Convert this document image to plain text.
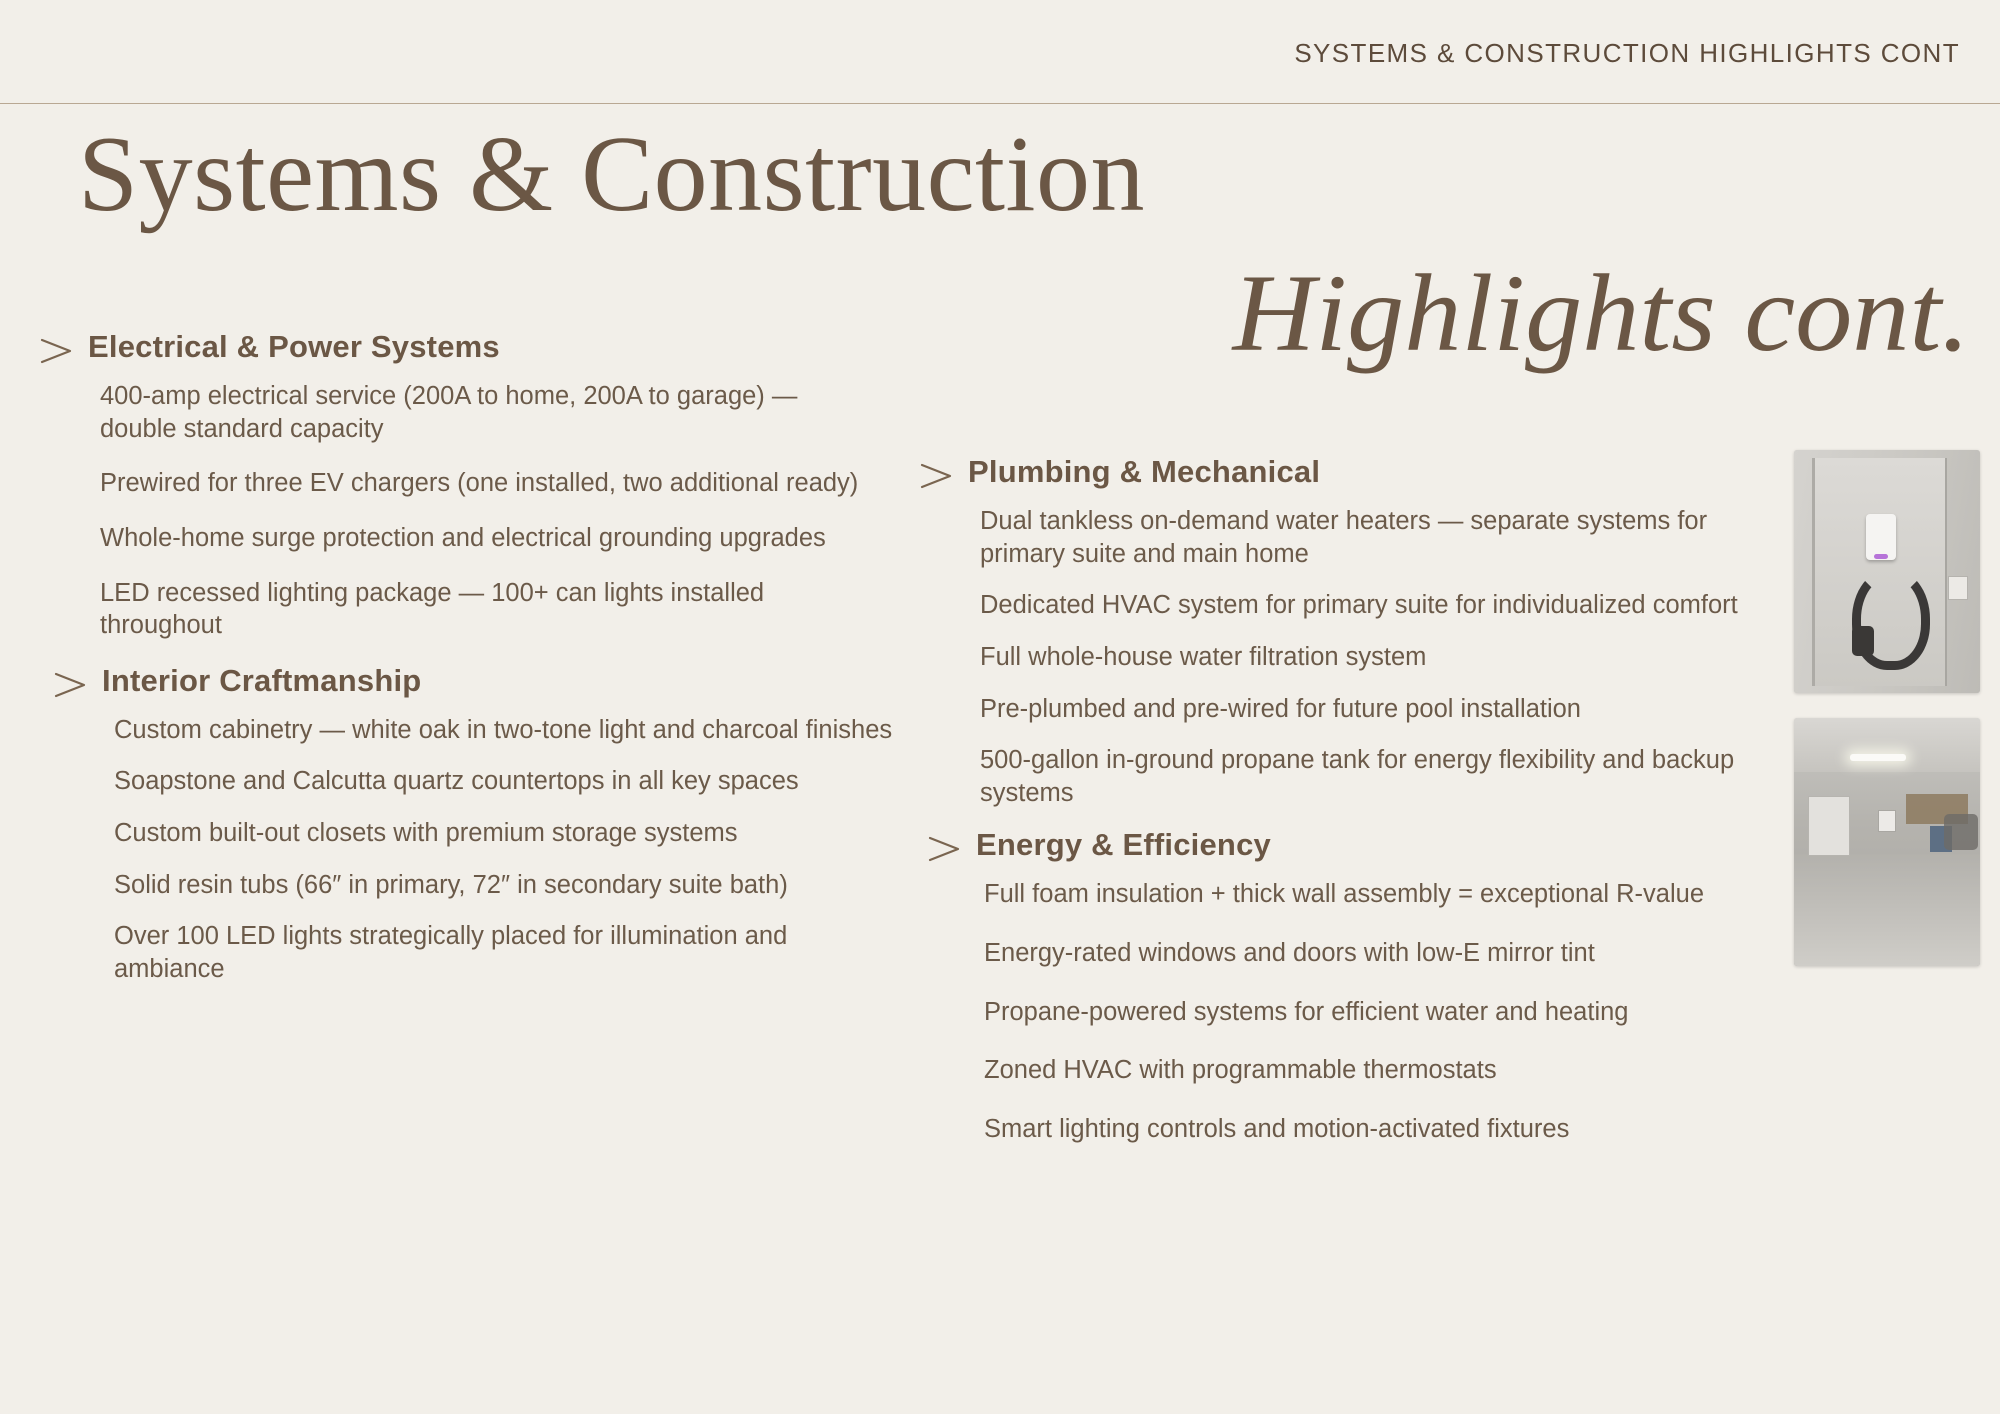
SYSTEMS & CONSTRUCTION HIGHLIGHTS CONT
Systems & Construction
Highlights cont.
Electrical & Power Systems
400-amp electrical service (200A to home, 200A to garage) — double standard capacity
Prewired for three EV chargers (one installed, two additional ready)
Whole-home surge protection and electrical grounding upgrades
LED recessed lighting package — 100+ can lights installed throughout
Interior Craftmanship
Custom cabinetry — white oak in two-tone light and charcoal finishes
Soapstone and Calcutta quartz countertops in all key spaces
Custom built-out closets with premium storage systems
Solid resin tubs (66″ in primary, 72″ in secondary suite bath)
Over 100 LED lights strategically placed for illumination and ambiance
Plumbing & Mechanical
Dual tankless on-demand water heaters — separate systems for primary suite and main home
Dedicated HVAC system for primary suite for individualized comfort
Full whole-house water filtration system
Pre-plumbed and pre-wired for future pool installation
500-gallon in-ground propane tank for energy flexibility and backup systems
Energy & Efficiency
Full foam insulation + thick wall assembly = exceptional R-value
Energy-rated windows and doors with low-E mirror tint
Propane-powered systems for efficient water and heating
Zoned HVAC with programmable thermostats
Smart lighting controls and motion-activated fixtures
